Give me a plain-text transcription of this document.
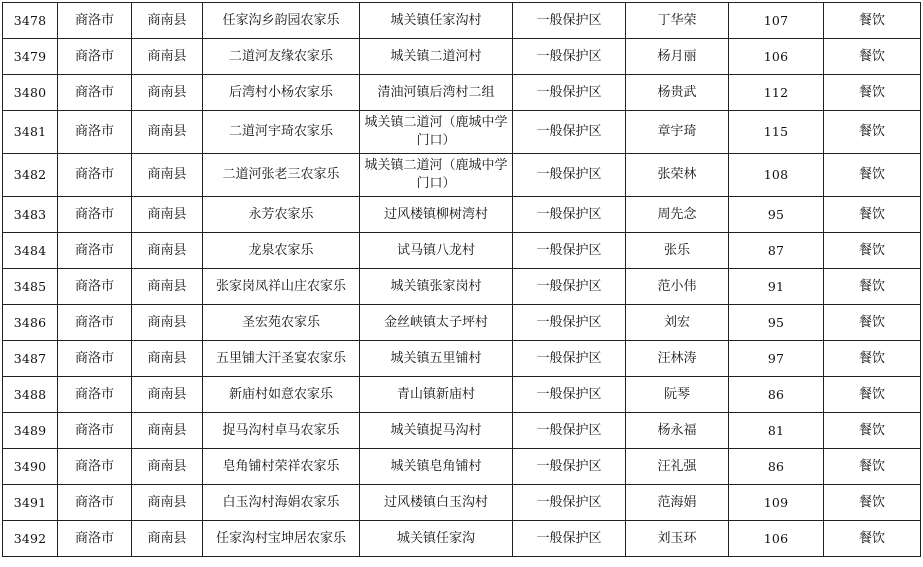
3478	商洛市	商南县	任家沟乡韵园农家乐	城关镇任家沟村	一般保护区	丁华荣	107	餐饮
3479	商洛市	商南县	二道河友缘农家乐	城关镇二道河村	一般保护区	杨月丽	106	餐饮
3480	商洛市	商南县	后湾村小杨农家乐	清油河镇后湾村二组	一般保护区	杨贵武	112	餐饮
3481	商洛市	商南县	二道河宇琦农家乐	城关镇二道河（鹿城中学门口）	一般保护区	章宇琦	115	餐饮
3482	商洛市	商南县	二道河张老三农家乐	城关镇二道河（鹿城中学门口）	一般保护区	张荣林	108	餐饮
3483	商洛市	商南县	永芳农家乐	过风楼镇柳树湾村	一般保护区	周先念	95	餐饮
3484	商洛市	商南县	龙泉农家乐	试马镇八龙村	一般保护区	张乐	87	餐饮
3485	商洛市	商南县	张家岗凤祥山庄农家乐	城关镇张家岗村	一般保护区	范小伟	91	餐饮
3486	商洛市	商南县	圣宏苑农家乐	金丝峡镇太子坪村	一般保护区	刘宏	95	餐饮
3487	商洛市	商南县	五里铺大汗圣宴农家乐	城关镇五里铺村	一般保护区	汪林涛	97	餐饮
3488	商洛市	商南县	新庙村如意农家乐	青山镇新庙村	一般保护区	阮琴	86	餐饮
3489	商洛市	商南县	捉马沟村卓马农家乐	城关镇捉马沟村	一般保护区	杨永福	81	餐饮
3490	商洛市	商南县	皂角铺村荣祥农家乐	城关镇皂角铺村	一般保护区	汪礼强	86	餐饮
3491	商洛市	商南县	白玉沟村海娟农家乐	过风楼镇白玉沟村	一般保护区	范海娟	109	餐饮
3492	商洛市	商南县	任家沟村宝坤居农家乐	城关镇任家沟	一般保护区	刘玉环	106	餐饮
